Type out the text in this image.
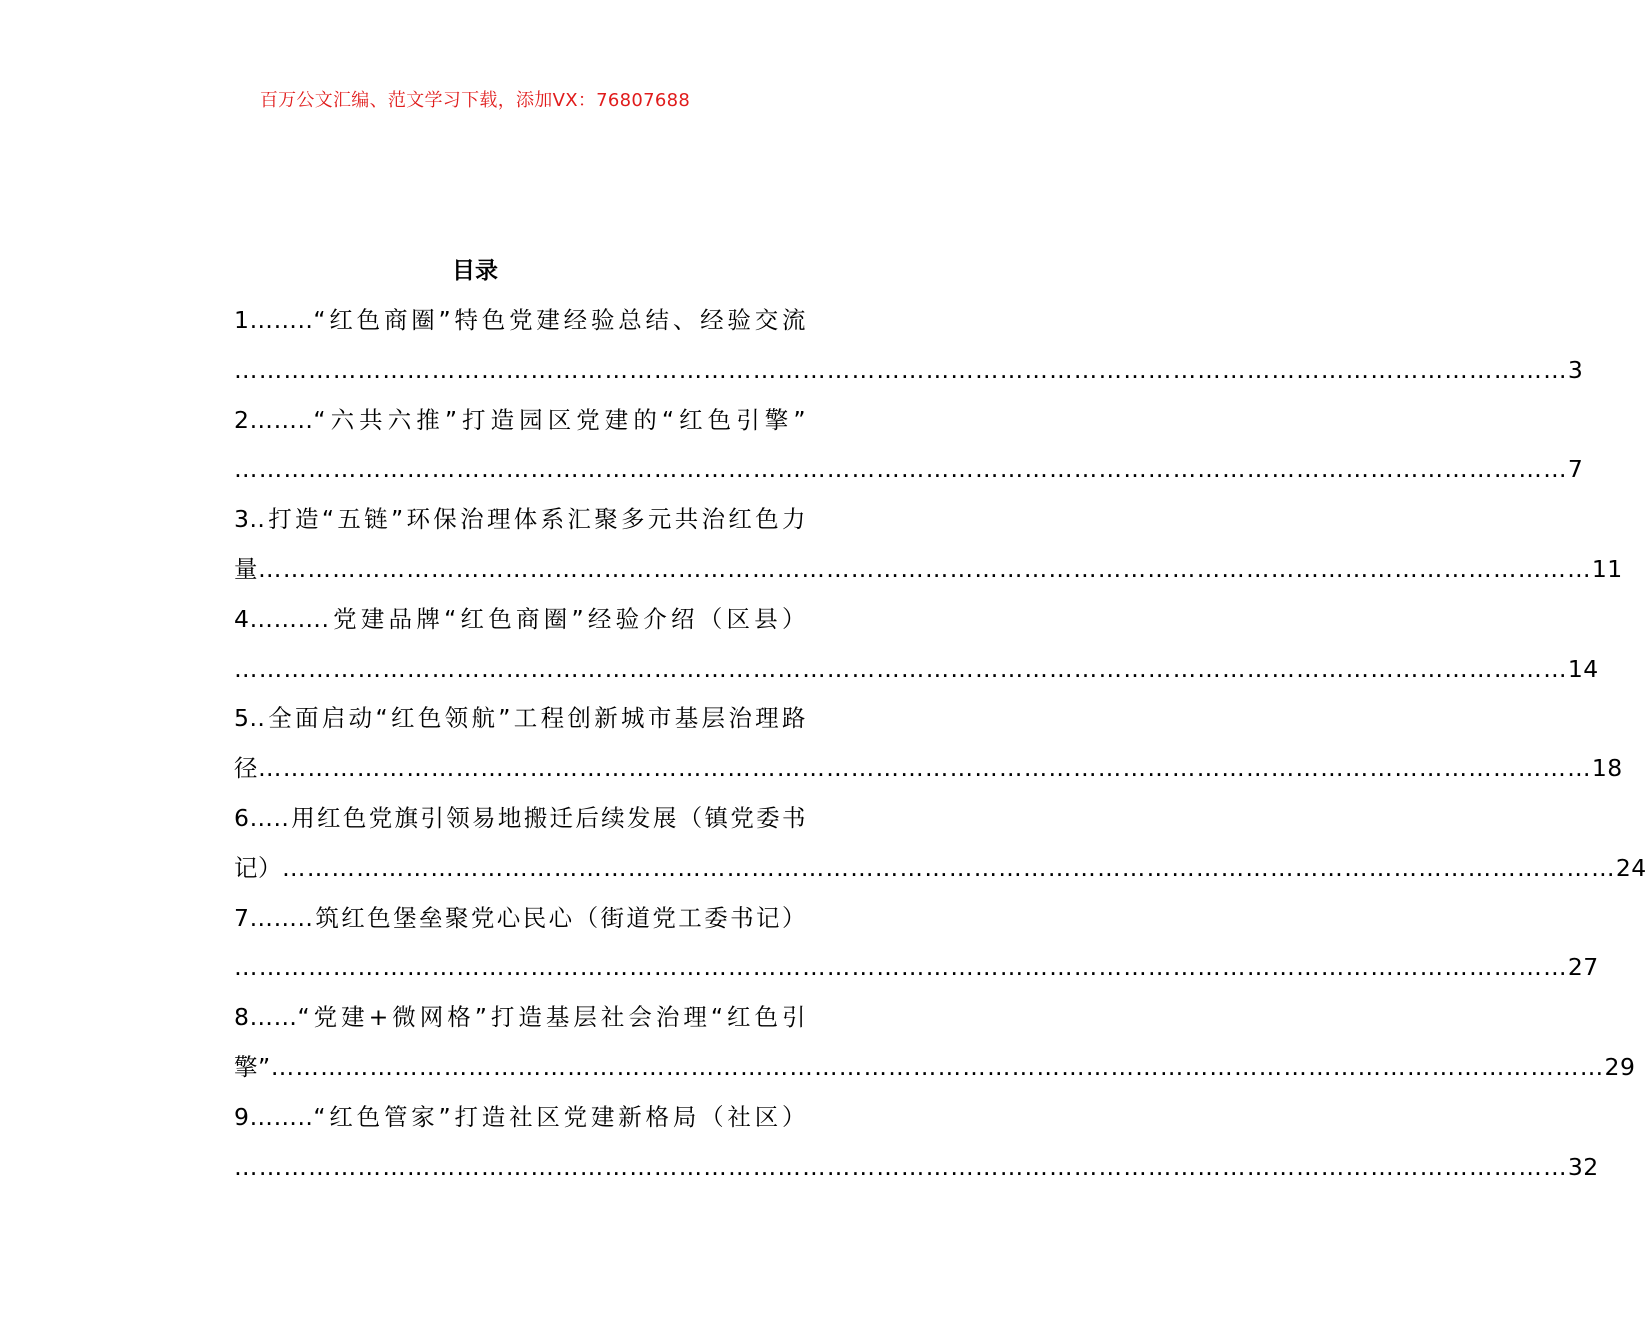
百万公文汇编、范文学习下载，添加VX：76807688
目录
1……..“红色商圈”特色党建经验总结、经验交流
……………………………………………………………………………………………………………………………………………… 3
2……..“六共六推”打造园区党建的“红色引擎”
……………………………………………………………………………………………………………………………………………… 7
3..打造“五链”环保治理体系汇聚多元共治红色力
量 ……………………………………………………………………………………………………………………………………………… 11
4……….党建品牌“红色商圈”经验介绍（区县）
……………………………………………………………………………………………………………………………………………… 14
5..全面启动“红色领航”工程创新城市基层治理路
径 ……………………………………………………………………………………………………………………………………………… 18
6…..用红色党旗引领易地搬迁后续发展（镇党委书
记） ……………………………………………………………………………………………………………………………………………… 24
7……..筑红色堡垒聚党心民心（街道党工委书记）
……………………………………………………………………………………………………………………………………………… 27
8……“党建+微网格”打造基层社会治理“红色引
擎” ……………………………………………………………………………………………………………………………………………… 29
9……..“红色管家”打造社区党建新格局（社区）
……………………………………………………………………………………………………………………………………………… 32
